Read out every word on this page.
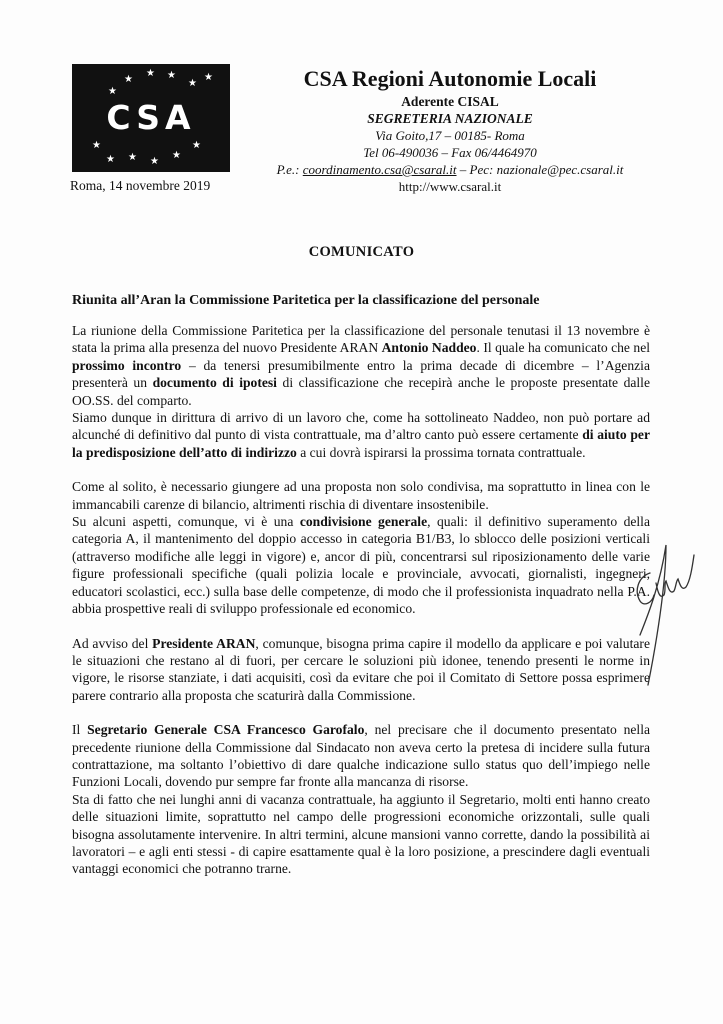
★
★ ★
★
★
★
★
★ ★ ★
★
★
CSA
Roma, 14 novembre 2019
CSA Regioni Autonomie Locali
Aderente CISAL
SEGRETERIA NAZIONALE
Via Goito,17 – 00185- Roma
Tel 06-490036 – Fax 06/4464970
P.e.: coordinamento.csa@csaral.it – Pec: nazionale@pec.csaral.it
http://www.csaral.it
COMUNICATO
Riunita all’Aran la Commissione Paritetica per la classificazione del personale

La riunione della Commissione Paritetica per la classificazione del personale tenutasi il 13 novembre è stata la prima alla presenza del nuovo Presidente ARAN Antonio Naddeo. Il quale ha comunicato che nel prossimo incontro – da tenersi presumibilmente entro la prima decade di dicembre – l’Agenzia presenterà un documento di ipotesi di classificazione che recepirà anche le proposte presentate dalle OO.SS. del comparto.

Siamo dunque in dirittura di arrivo di un lavoro che, come ha sottolineato Naddeo, non può portare ad alcunché di definitivo dal punto di vista contrattuale, ma d’altro canto può essere certamente di aiuto per la predisposizione dell’atto di indirizzo a cui dovrà ispirarsi la prossima tornata contrattuale.

Come al solito, è necessario giungere ad una proposta non solo condivisa, ma soprattutto in linea con le immancabili carenze di bilancio, altrimenti rischia di diventare insostenibile.

Su alcuni aspetti, comunque, vi è una condivisione generale, quali: il definitivo superamento della categoria A, il mantenimento del doppio accesso in categoria B1/B3, lo sblocco delle posizioni verticali (attraverso modifiche alle leggi in vigore) e, ancor di più, concentrarsi sul riposizionamento delle varie figure professionali specifiche (quali polizia locale e provinciale, avvocati, giornalisti, ingegneri, educatori scolastici, ecc.) sulla base delle competenze, di modo che il professionista inquadrato nella P.A. abbia prospettive reali di sviluppo professionale ed economico.

Ad avviso del Presidente ARAN, comunque, bisogna prima capire il modello da applicare e poi valutare le situazioni che restano al di fuori, per cercare le soluzioni più idonee, tenendo presenti le norme in vigore, le risorse stanziate, i dati acquisiti, così da evitare che poi il Comitato di Settore possa esprimere parere contrario alla proposta che scaturirà dalla Commissione.

Il Segretario Generale CSA Francesco Garofalo, nel precisare che il documento presentato nella precedente riunione della Commissione dal Sindacato non aveva certo la pretesa di incidere sulla futura contrattazione, ma soltanto l’obiettivo di dare qualche indicazione sullo status quo dell’impiego nelle Funzioni Locali, dovendo pur sempre far fronte alla mancanza di risorse.

Sta di fatto che nei lunghi anni di vacanza contrattuale, ha aggiunto il Segretario, molti enti hanno creato delle situazioni limite, soprattutto nel campo delle progressioni economiche orizzontali, sulle quali bisogna assolutamente intervenire. In altri termini, alcune mansioni vanno corrette, dando la possibilità ai lavoratori – e agli enti stessi - di capire esattamente qual è la loro posizione, a prescindere dagli eventuali vantaggi economici che potranno trarne.
